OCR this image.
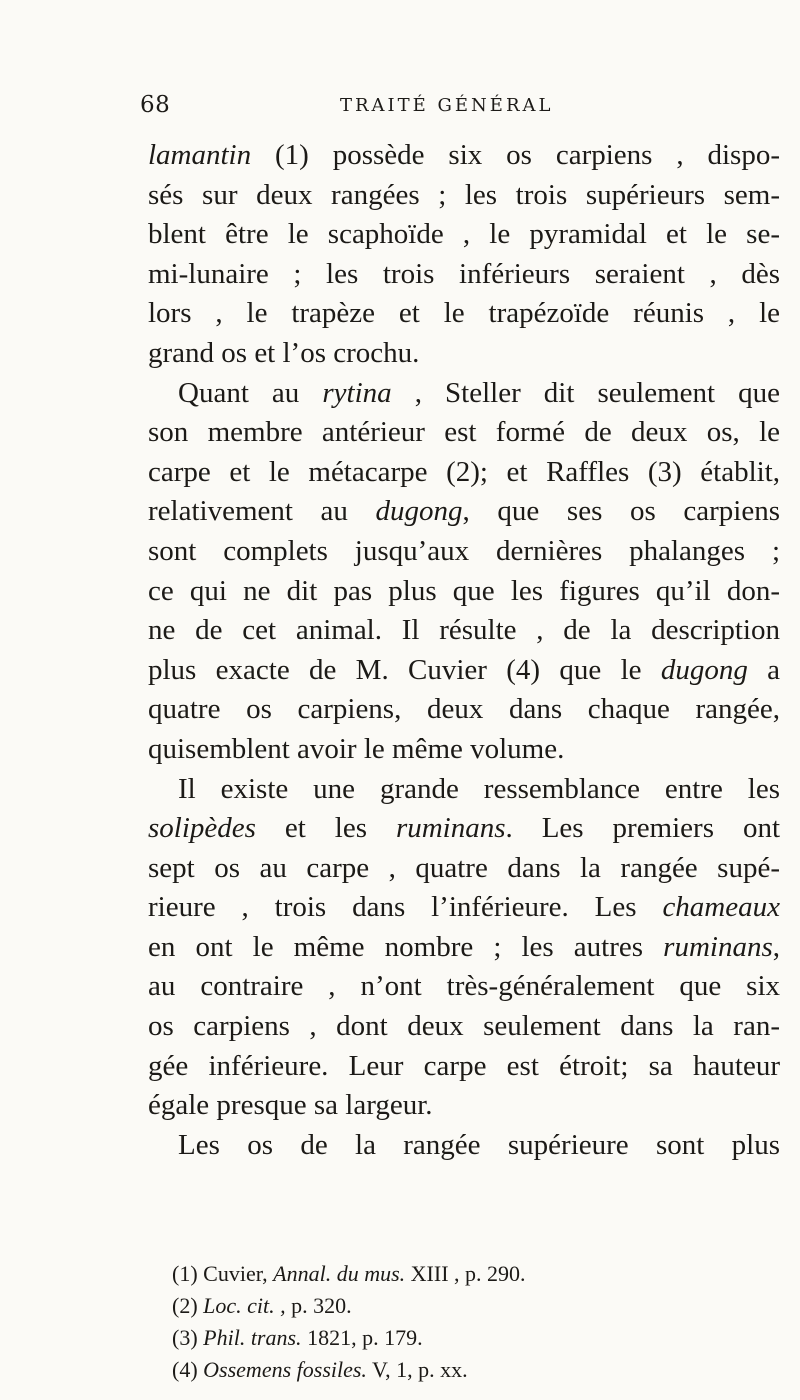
68	TRAITÉ GÉNÉRAL
lamantin (1) possède six os carpiens , dispo-
sés sur deux rangées ; les trois supérieurs sem-
blent être le scaphoïde , le pyramidal et le se-
mi-lunaire ; les trois inférieurs seraient , dès
lors , le trapèze et le trapézoïde réunis , le
grand os et l’os crochu.
Quant au rytina , Steller dit seulement que
son membre antérieur est formé de deux os, le
carpe et le métacarpe (2); et Raffles (3) établit,
relativement au dugong, que ses os carpiens
sont complets jusqu’aux dernières phalanges ;
ce qui ne dit pas plus que les figures qu’il don-
ne de cet animal. Il résulte , de la description
plus exacte de M. Cuvier (4) que le dugong a
quatre os carpiens, deux dans chaque rangée,
quisemblent avoir le même volume.
Il existe une grande ressemblance entre les
solipèdes et les ruminans. Les premiers ont
sept os au carpe , quatre dans la rangée supé-
rieure , trois dans l’inférieure. Les chameaux
en ont le même nombre ; les autres ruminans,
au contraire , n’ont très-généralement que six
os carpiens , dont deux seulement dans la ran-
gée inférieure. Leur carpe est étroit; sa hauteur
égale presque sa largeur.
Les os de la rangée supérieure sont plus
(1) Cuvier, Annal. du mus. XIII , p. 290.
(2) Loc. cit. , p. 320.
(3) Phil. trans. 1821, p. 179.
(4) Ossemens fossiles. V, 1, p. xx.
